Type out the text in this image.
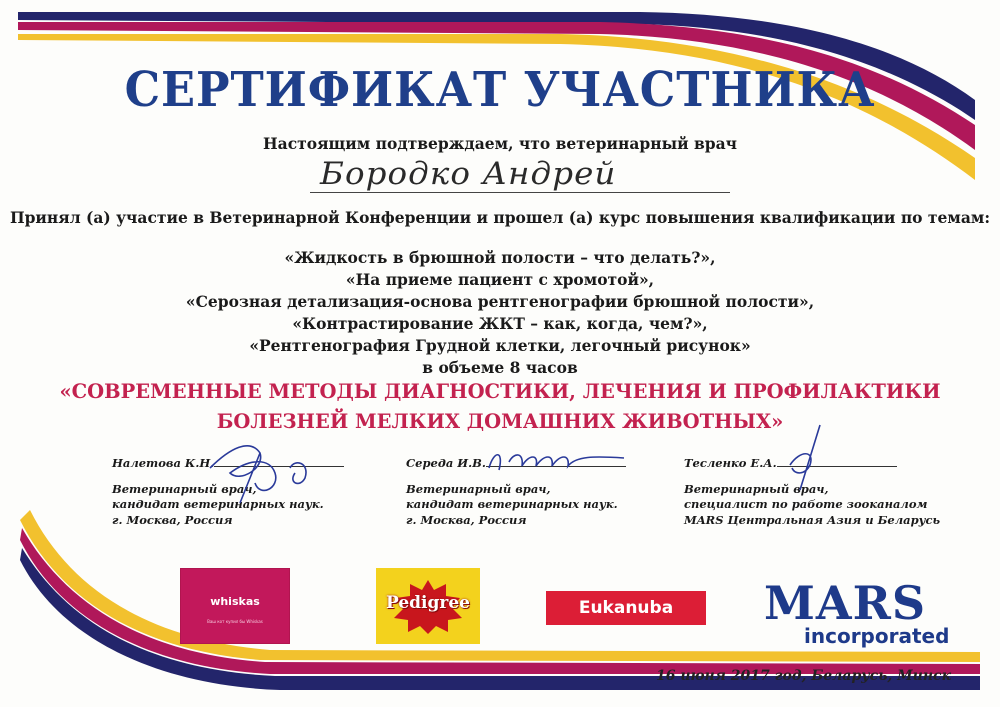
СЕРТИФИКАТ УЧАСТНИКА
Настоящим подтверждаем, что ветеринарный врач
Бородко Андрей
Принял (а) участие в Ветеринарной Конференции и прошел (а) курс повышения квалификации по темам:
«Жидкость в брюшной полости – что делать?»,
«На приеме пациент с хромотой»,
«Серозная детализация-основа рентгенографии брюшной полости»,
«Контрастирование ЖКТ – как, когда, чем?»,
«Рентгенография Грудной клетки, легочный рисунок»
в объеме 8 часов
«СОВРЕМЕННЫЕ МЕТОДЫ ДИАГНОСТИКИ, ЛЕЧЕНИЯ И ПРОФИЛАКТИКИ
БОЛЕЗНЕЙ МЕЛКИХ ДОМАШНИХ ЖИВОТНЫХ»
Налетова К.Н.
Ветеринарный врач,
кандидат ветеринарных наук.
г. Москва, Россия
Середа И.В.
Ветеринарный врач,
кандидат ветеринарных наук.
г. Москва, Россия
Тесленко Е.А.
Ветеринарный врач,
специалист по работе зооканалом
MARS Центральная Азия и Беларусь
whiskas
Ваш кот купил бы Whiskas
Pedigree	Eukanuba	MARS
incorporated
16 июня 2017 год, Беларусь, Минск
